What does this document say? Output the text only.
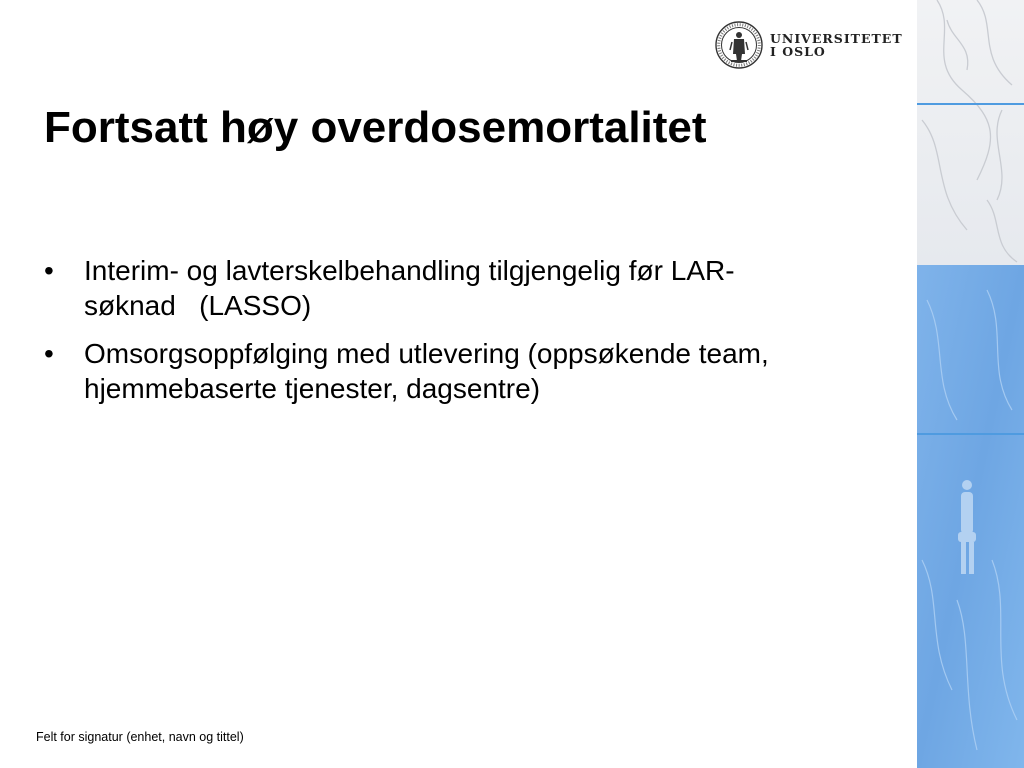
UNIVERSITETET
I OSLO
Fortsatt høy overdosemortalitet
• Interim- og lavterskelbehandling tilgjengelig før LAR-søknad   (LASSO)
• Omsorgsoppfølging med utlevering (oppsøkende team, hjemmebaserte tjenester, dagsentre)
Felt for signatur (enhet, navn og tittel)
